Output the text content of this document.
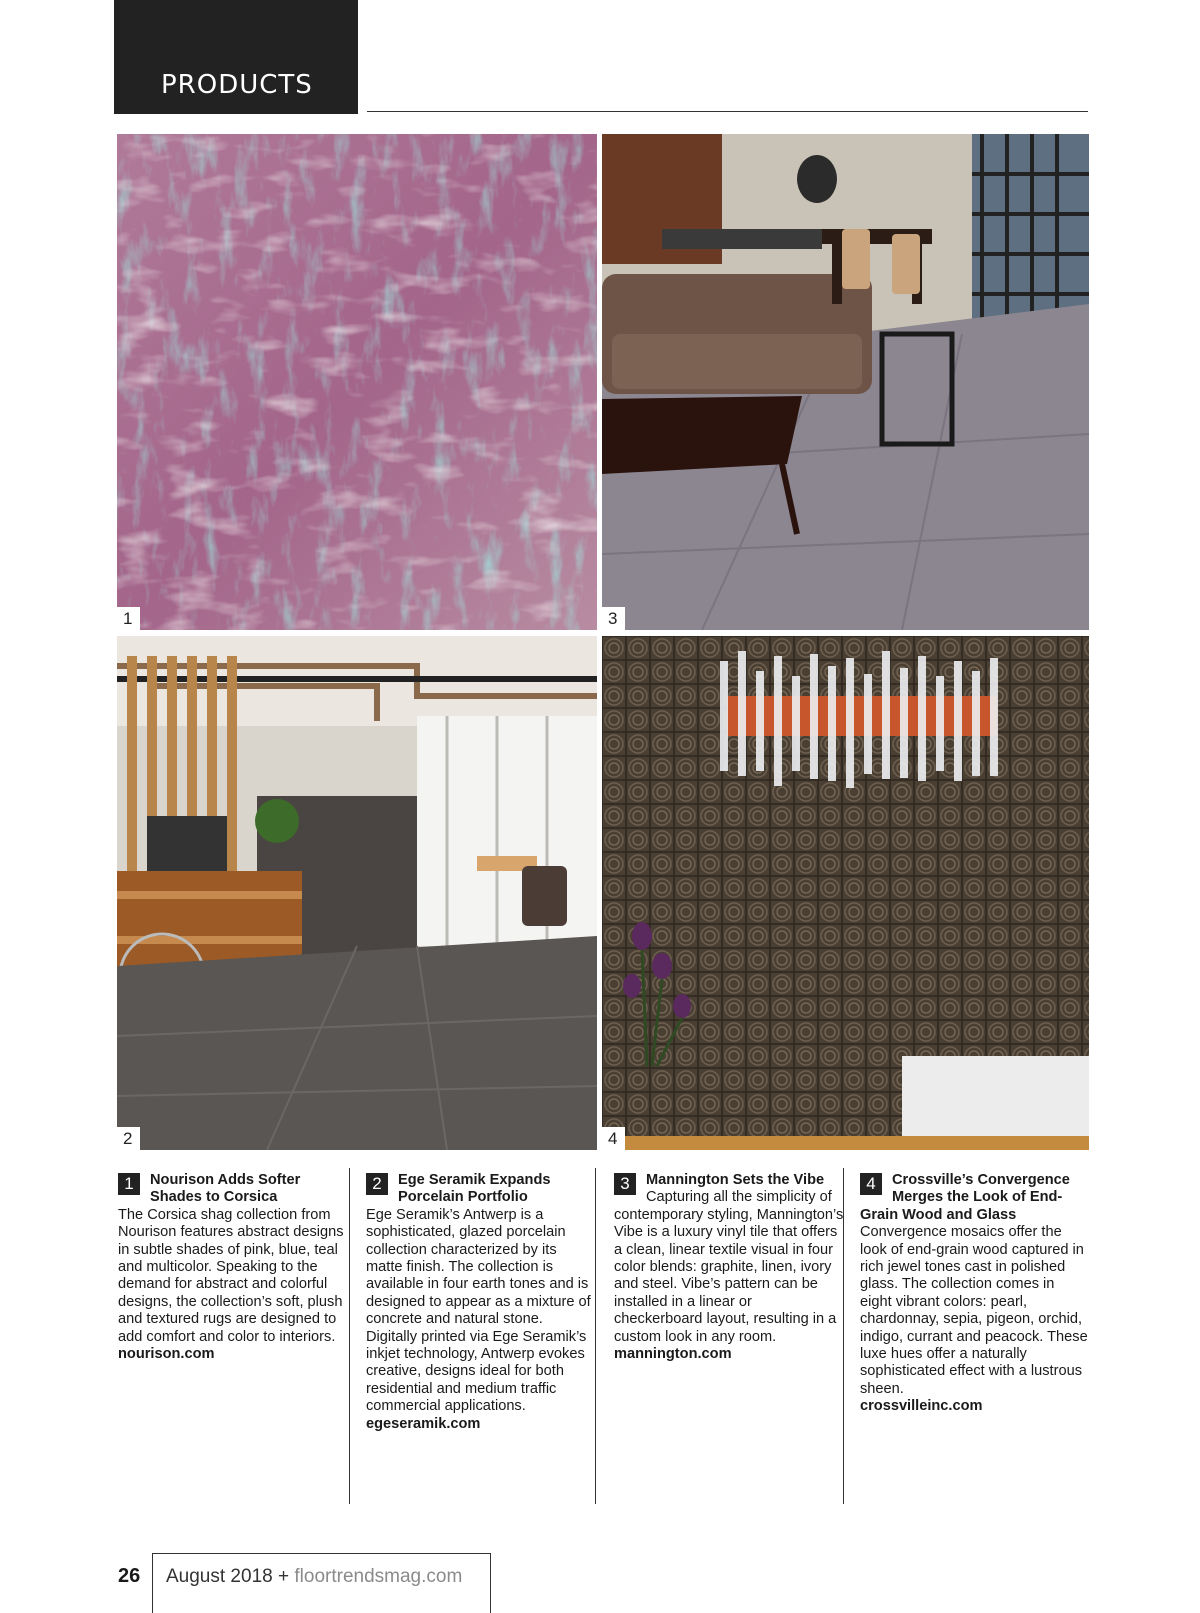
PRODUCTS
1	3
2	4
1	Nourison Adds Softer
Shades to Corsica
The Corsica shag collection from Nourison features abstract designs in subtle shades of pink, blue, teal and multicolor. Speaking to the demand for abstract and colorful designs, the collection’s soft, plush and textured rugs are designed to add comfort and color to interiors.
nourison.com
2	Ege Seramik Expands
Porcelain Portfolio
Ege Seramik’s Antwerp is a sophisticated, glazed porcelain collection characterized by its matte finish. The collection is available in four earth tones and is designed to appear as a mixture of concrete and natural stone. Digitally printed via Ege Seramik’s inkjet technology, Antwerp evokes creative, designs ideal for both residential and medium traffic commercial applications.
egeseramik.com
3	Mannington Sets the Vibe
Capturing all the simplicity of contemporary styling, Mannington’s Vibe is a luxury vinyl tile that offers a clean, linear textile visual in four color blends: graphite, linen, ivory and steel. Vibe’s pattern can be installed in a linear or checkerboard layout, resulting in a custom look in any room.
mannington.com
4	Crossville’s Convergence
Merges the Look of End-Grain Wood and Glass
Convergence mosaics offer the look of end-grain wood captured in rich jewel tones cast in polished glass. The collection comes in eight vibrant colors: pearl, chardonnay, sepia, pigeon, orchid, indigo, currant and peacock. These luxe hues offer a naturally sophisticated effect with a lustrous sheen.
crossvilleinc.com
26 August 2018 + floortrendsmag.com
